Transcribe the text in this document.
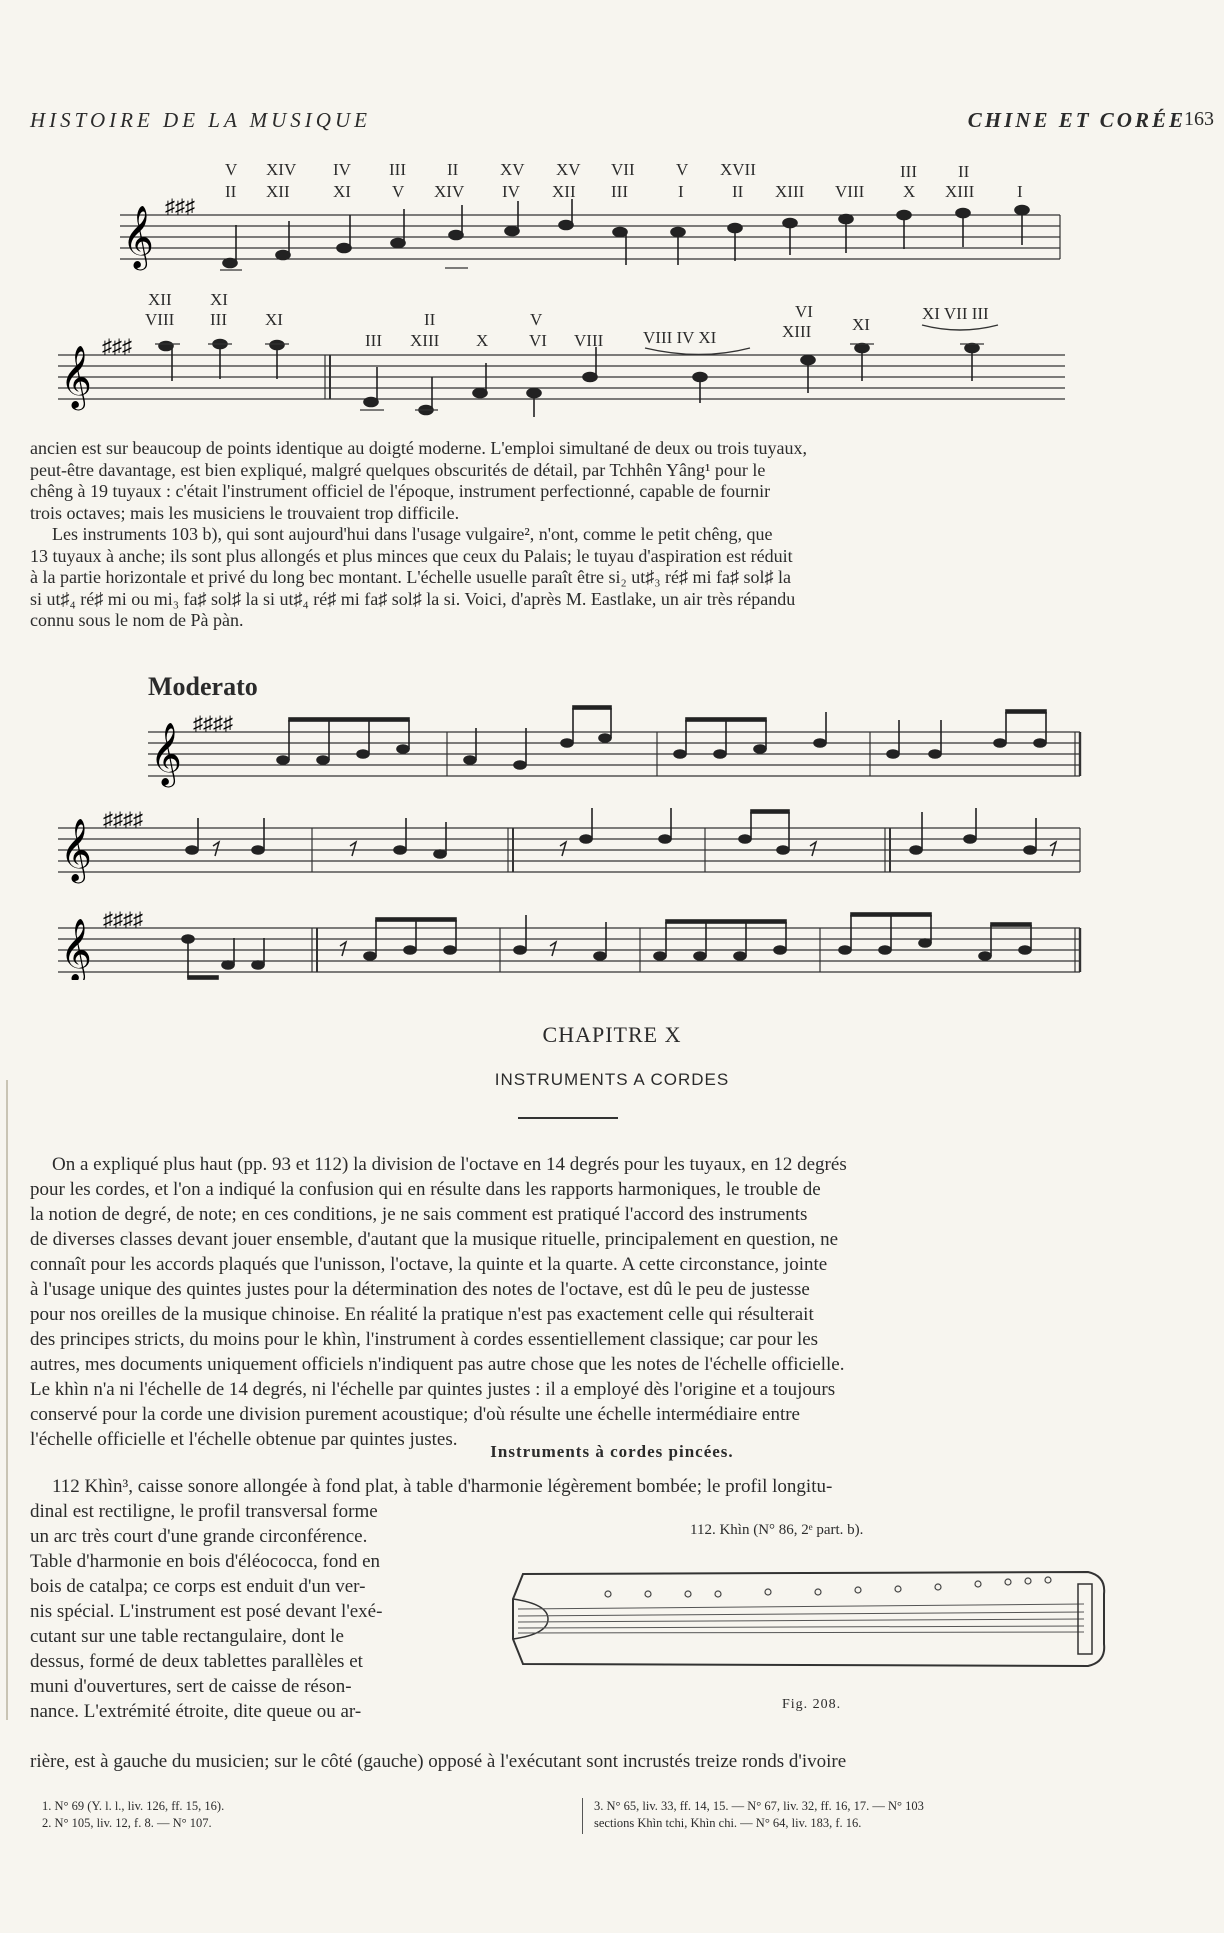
HISTOIRE DE LA MUSIQUE	CHINE ET CORÉE
163
V XIV IV III II XV XV VII V XVII	III II
II XII	XI V XIV IV XII III	I	II XIII VIII X XIII	I
𝄞 ♯♯♯
XII XI
VIII III XI	II	V	VI
XI
XI VII III
III XIII X VI VIII VIII IV XI	XIII
𝄞 ♯♯♯

ancien est sur beaucoup de points identique au doigté moderne. L'emploi simultané de deux ou trois tuyaux,

peut-être davantage, est bien expliqué, malgré quelques obscurités de détail, par Tchhên Yâng¹ pour le

chêng à 19 tuyaux : c'était l'instrument officiel de l'époque, instrument perfectionné, capable de fournir

trois octaves; mais les musiciens le trouvaient trop difficile.

Les instruments 103 b), qui sont aujourd'hui dans l'usage vulgaire², n'ont, comme le petit chêng, que

13 tuyaux à anche; ils sont plus allongés et plus minces que ceux du Palais; le tuyau d'aspiration est réduit

à la partie horizontale et privé du long bec montant. L'échelle usuelle paraît être si₂ ut♯₃ ré♯ mi fa♯ sol♯ la

si ut♯₄ ré♯ mi ou mi₃ fa♯ sol♯ la si ut♯₄ ré♯ mi fa♯ sol♯ la si. Voici, d'après M. Eastlake, un air très répandu

connu sous le nom de Pà pàn.

Moderato
𝄞 ♯♯♯♯
𝄞 ♯♯♯♯
𝄞 ♯♯♯♯
CHAPITRE X
INSTRUMENTS A CORDES

On a expliqué plus haut (pp. 93 et 112) la division de l'octave en 14 degrés pour les tuyaux, en 12 degrés

pour les cordes, et l'on a indiqué la confusion qui en résulte dans les rapports harmoniques, le trouble de

la notion de degré, de note; en ces conditions, je ne sais comment est pratiqué l'accord des instruments

de diverses classes devant jouer ensemble, d'autant que la musique rituelle, principalement en question, ne

connaît pour les accords plaqués que l'unisson, l'octave, la quinte et la quarte. A cette circonstance, jointe

à l'usage unique des quintes justes pour la détermination des notes de l'octave, est dû le peu de justesse

pour nos oreilles de la musique chinoise. En réalité la pratique n'est pas exactement celle qui résulterait

des principes stricts, du moins pour le khìn, l'instrument à cordes essentiellement classique; car pour les

autres, mes documents uniquement officiels n'indiquent pas autre chose que les notes de l'échelle officielle.

Le khìn n'a ni l'échelle de 14 degrés, ni l'échelle par quintes justes : il a employé dès l'origine et a toujours

conservé pour la corde une division purement acoustique; d'où résulte une échelle intermédiaire entre

l'échelle officielle et l'échelle obtenue par quintes justes.

Instruments à cordes pincées.
112 Khìn³, caisse sonore allongée à fond plat, à table d'harmonie légèrement bombée; le profil longitu-

dinal est rectiligne, le profil transversal forme

un arc très court d'une grande circonférence.

Table d'harmonie en bois d'éléococca, fond en

bois de catalpa; ce corps est enduit d'un ver-

nis spécial. L'instrument est posé devant l'exé-

cutant sur une table rectangulaire, dont le

dessus, formé de deux tablettes parallèles et

muni d'ouvertures, sert de caisse de réson-

nance. L'extrémité étroite, dite queue ou ar-

rière, est à gauche du musicien; sur le côté (gauche) opposé à l'exécutant sont incrustés treize ronds d'ivoire
112. Khìn (N° 86, 2ᵉ part. b).
Fig. 208.
1. N° 69 (Y. l. l., liv. 126, ff. 15, 16).
2. N° 105, liv. 12, f. 8. — N° 107.
3. N° 65, liv. 33, ff. 14, 15. — N° 67, liv. 32, ff. 16, 17. — N° 103
sections Khìn tchi, Khìn chi. — N° 64, liv. 183, f. 16.
